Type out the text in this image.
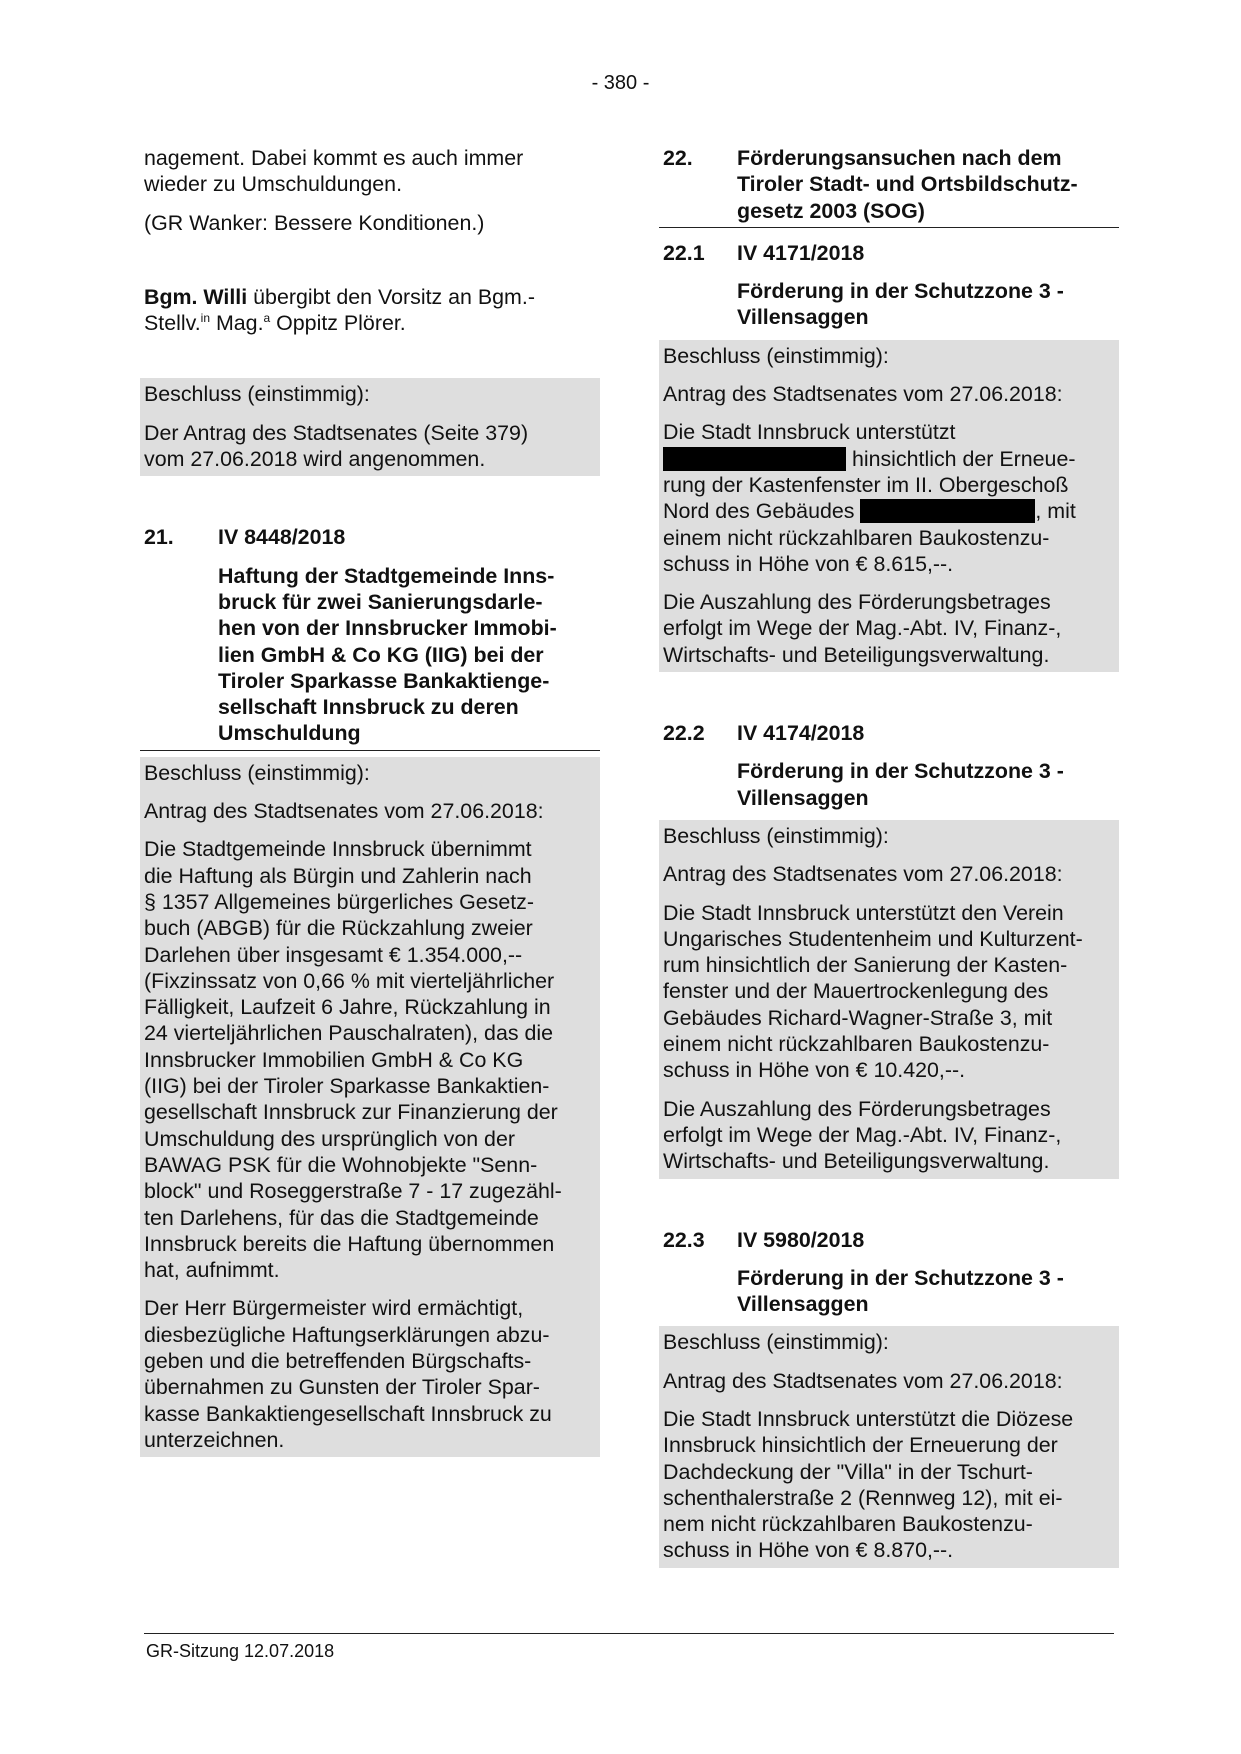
- 380 -

nagement. Dabei kommt es auch immer
wieder zu Umschuldungen.

(GR Wanker: Bessere Konditionen.)

Bgm. Willi übergibt den Vorsitz an Bgm.-
Stellv.$^{in}$ Mag.$^a$ Oppitz Plörer.

Beschluss (einstimmig):

Der Antrag des Stadtsenates (Seite 379)
vom 27.06.2018 wird angenommen.

21.	IV 8448/2018
Haftung der Stadtgemeinde Inns-
bruck für zwei Sanierungsdarle-
hen von der Innsbrucker Immobi-
lien GmbH & Co KG (IIG) bei der
Tiroler Sparkasse Bankaktienge-
sellschaft Innsbruck zu deren
Umschuldung

Beschluss (einstimmig):

Antrag des Stadtsenates vom 27.06.2018:

Die Stadtgemeinde Innsbruck übernimmt
die Haftung als Bürgin und Zahlerin nach
§ 1357 Allgemeines bürgerliches Gesetz-
buch (ABGB) für die Rückzahlung zweier
Darlehen über insgesamt € 1.354.000,--
(Fixzinssatz von 0,66 % mit vierteljährlicher
Fälligkeit, Laufzeit 6 Jahre, Rückzahlung in
24 vierteljährlichen Pauschalraten), das die
Innsbrucker Immobilien GmbH & Co KG
(IIG) bei der Tiroler Sparkasse Bankaktien-
gesellschaft Innsbruck zur Finanzierung der
Umschuldung des ursprünglich von der
BAWAG PSK für die Wohnobjekte "Senn-
block" und Roseggerstraße 7 - 17 zugezähl-
ten Darlehens, für das die Stadtgemeinde
Innsbruck bereits die Haftung übernommen
hat, aufnimmt.

Der Herr Bürgermeister wird ermächtigt,
diesbezügliche Haftungserklärungen abzu-
geben und die betreffenden Bürgschafts-
übernahmen zu Gunsten der Tiroler Spar-
kasse Bankaktiengesellschaft Innsbruck zu
unterzeichnen.

22.	Förderungsansuchen nach dem
Tiroler Stadt- und Ortsbildschutz-
gesetz 2003 (SOG)
22.1	IV 4171/2018
Förderung in der Schutzzone 3 -
Villensaggen

Beschluss (einstimmig):

Antrag des Stadtsenates vom 27.06.2018:

Die Stadt Innsbruck unterstützt
hinsichtlich der Erneue-
rung der Kastenfenster im II. Obergeschoß
Nord des Gebäudes	, mit
einem nicht rückzahlbaren Baukostenzu-
schuss in Höhe von € 8.615,--.

Die Auszahlung des Förderungsbetrages
erfolgt im Wege der Mag.-Abt. IV, Finanz-,
Wirtschafts- und Beteiligungsverwaltung.

22.2	IV 4174/2018
Förderung in der Schutzzone 3 -
Villensaggen

Beschluss (einstimmig):

Antrag des Stadtsenates vom 27.06.2018:

Die Stadt Innsbruck unterstützt den Verein
Ungarisches Studentenheim und Kulturzent-
rum hinsichtlich der Sanierung der Kasten-
fenster und der Mauertrockenlegung des
Gebäudes Richard-Wagner-Straße 3, mit
einem nicht rückzahlbaren Baukostenzu-
schuss in Höhe von € 10.420,--.

Die Auszahlung des Förderungsbetrages
erfolgt im Wege der Mag.-Abt. IV, Finanz-,
Wirtschafts- und Beteiligungsverwaltung.

22.3	IV 5980/2018
Förderung in der Schutzzone 3 -
Villensaggen

Beschluss (einstimmig):

Antrag des Stadtsenates vom 27.06.2018:

Die Stadt Innsbruck unterstützt die Diözese
Innsbruck hinsichtlich der Erneuerung der
Dachdeckung der "Villa" in der Tschurt-
schenthalerstraße 2 (Rennweg 12), mit ei-
nem nicht rückzahlbaren Baukostenzu-
schuss in Höhe von € 8.870,--.

GR-Sitzung 12.07.2018
